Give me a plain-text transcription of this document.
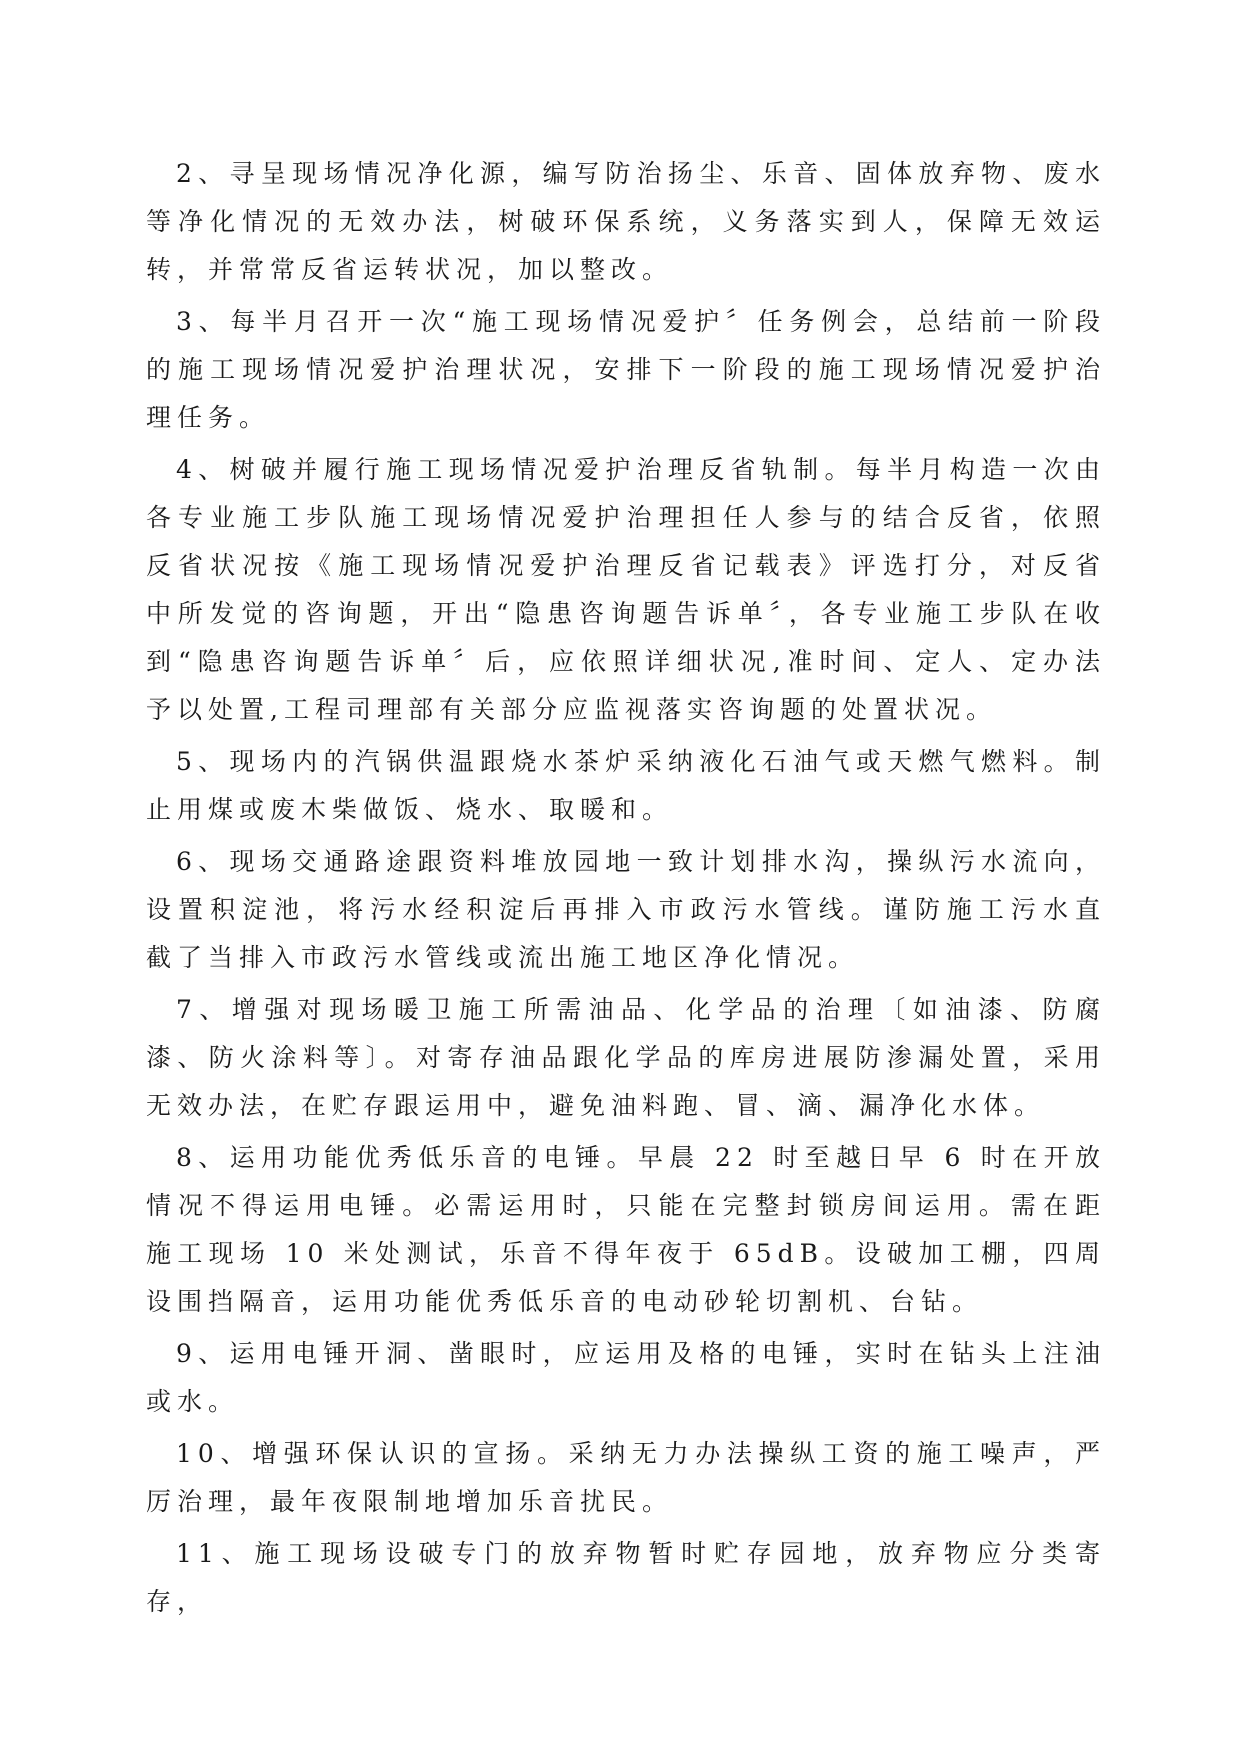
2、寻呈现场情况净化源，编写防治扬尘、乐音、固体放弃物、废水等净化情况的无效办法，树破环保系统，义务落实到人，保障无效运转，并常常反省运转状况，加以整改。

3、每半月召开一次“施工现场情况爱护〞任务例会，总结前一阶段的施工现场情况爱护治理状况，安排下一阶段的施工现场情况爱护治理任务。

4、树破并履行施工现场情况爱护治理反省轨制。每半月构造一次由各专业施工步队施工现场情况爱护治理担任人参与的结合反省，依照反省状况按《施工现场情况爱护治理反省记载表》评选打分，对反省中所发觉的咨询题，开出“隐患咨询题告诉单〞，各专业施工步队在收到“隐患咨询题告诉单〞后，应依照详细状况,准时间、定人、定办法予以处置,工程司理部有关部分应监视落实咨询题的处置状况。

5、现场内的汽锅供温跟烧水茶炉采纳液化石油气或天燃气燃料。制止用煤或废木柴做饭、烧水、取暖和。

6、现场交通路途跟资料堆放园地一致计划排水沟，操纵污水流向，设置积淀池，将污水经积淀后再排入市政污水管线。谨防施工污水直截了当排入市政污水管线或流出施工地区净化情况。

7、增强对现场暖卫施工所需油品、化学品的治理〔如油漆、防腐漆、防火涂料等〕。对寄存油品跟化学品的库房进展防渗漏处置，采用无效办法，在贮存跟运用中，避免油料跑、冒、滴、漏净化水体。

8、运用功能优秀低乐音的电锤。早晨 22 时至越日早 6 时在开放情况不得运用电锤。必需运用时，只能在完整封锁房间运用。需在距施工现场 10 米处测试，乐音不得年夜于 65dB。设破加工棚，四周设围挡隔音，运用功能优秀低乐音的电动砂轮切割机、台钻。

9、运用电锤开洞、凿眼时，应运用及格的电锤，实时在钻头上注油或水。

10、增强环保认识的宣扬。采纳无力办法操纵工资的施工噪声，严厉治理，最年夜限制地增加乐音扰民。

11、施工现场设破专门的放弃物暂时贮存园地，放弃物应分类寄存，
